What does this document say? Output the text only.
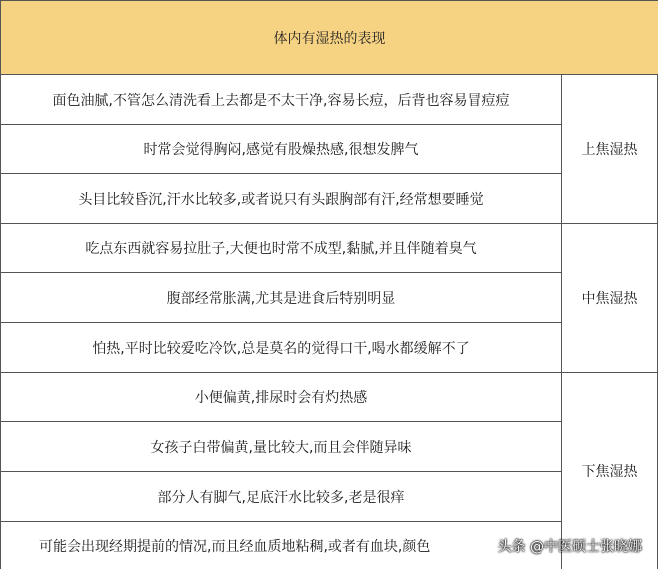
体内有湿热的表现
面色油腻,不管怎么清洗看上去都是不太干净,容易长痘，后背也容易冒痘痘
时常会觉得胸闷,感觉有股燥热感,很想发脾气
头目比较昏沉,汗水比较多,或者说只有头跟胸部有汗,经常想要睡觉
上焦湿热
吃点东西就容易拉肚子,大便也时常不成型,黏腻,并且伴随着臭气
腹部经常胀满,尤其是进食后特别明显
怕热,平时比较爱吃冷饮,总是莫名的觉得口干,喝水都缓解不了
中焦湿热
小便偏黄,排尿时会有灼热感
女孩子白带偏黄,量比较大,而且会伴随异味
部分人有脚气,足底汗水比较多,老是很痒
可能会出现经期提前的情况,而且经血质地粘稠,或者有血块,颜色
下焦湿热
头条 @中医硕士张晓娜
